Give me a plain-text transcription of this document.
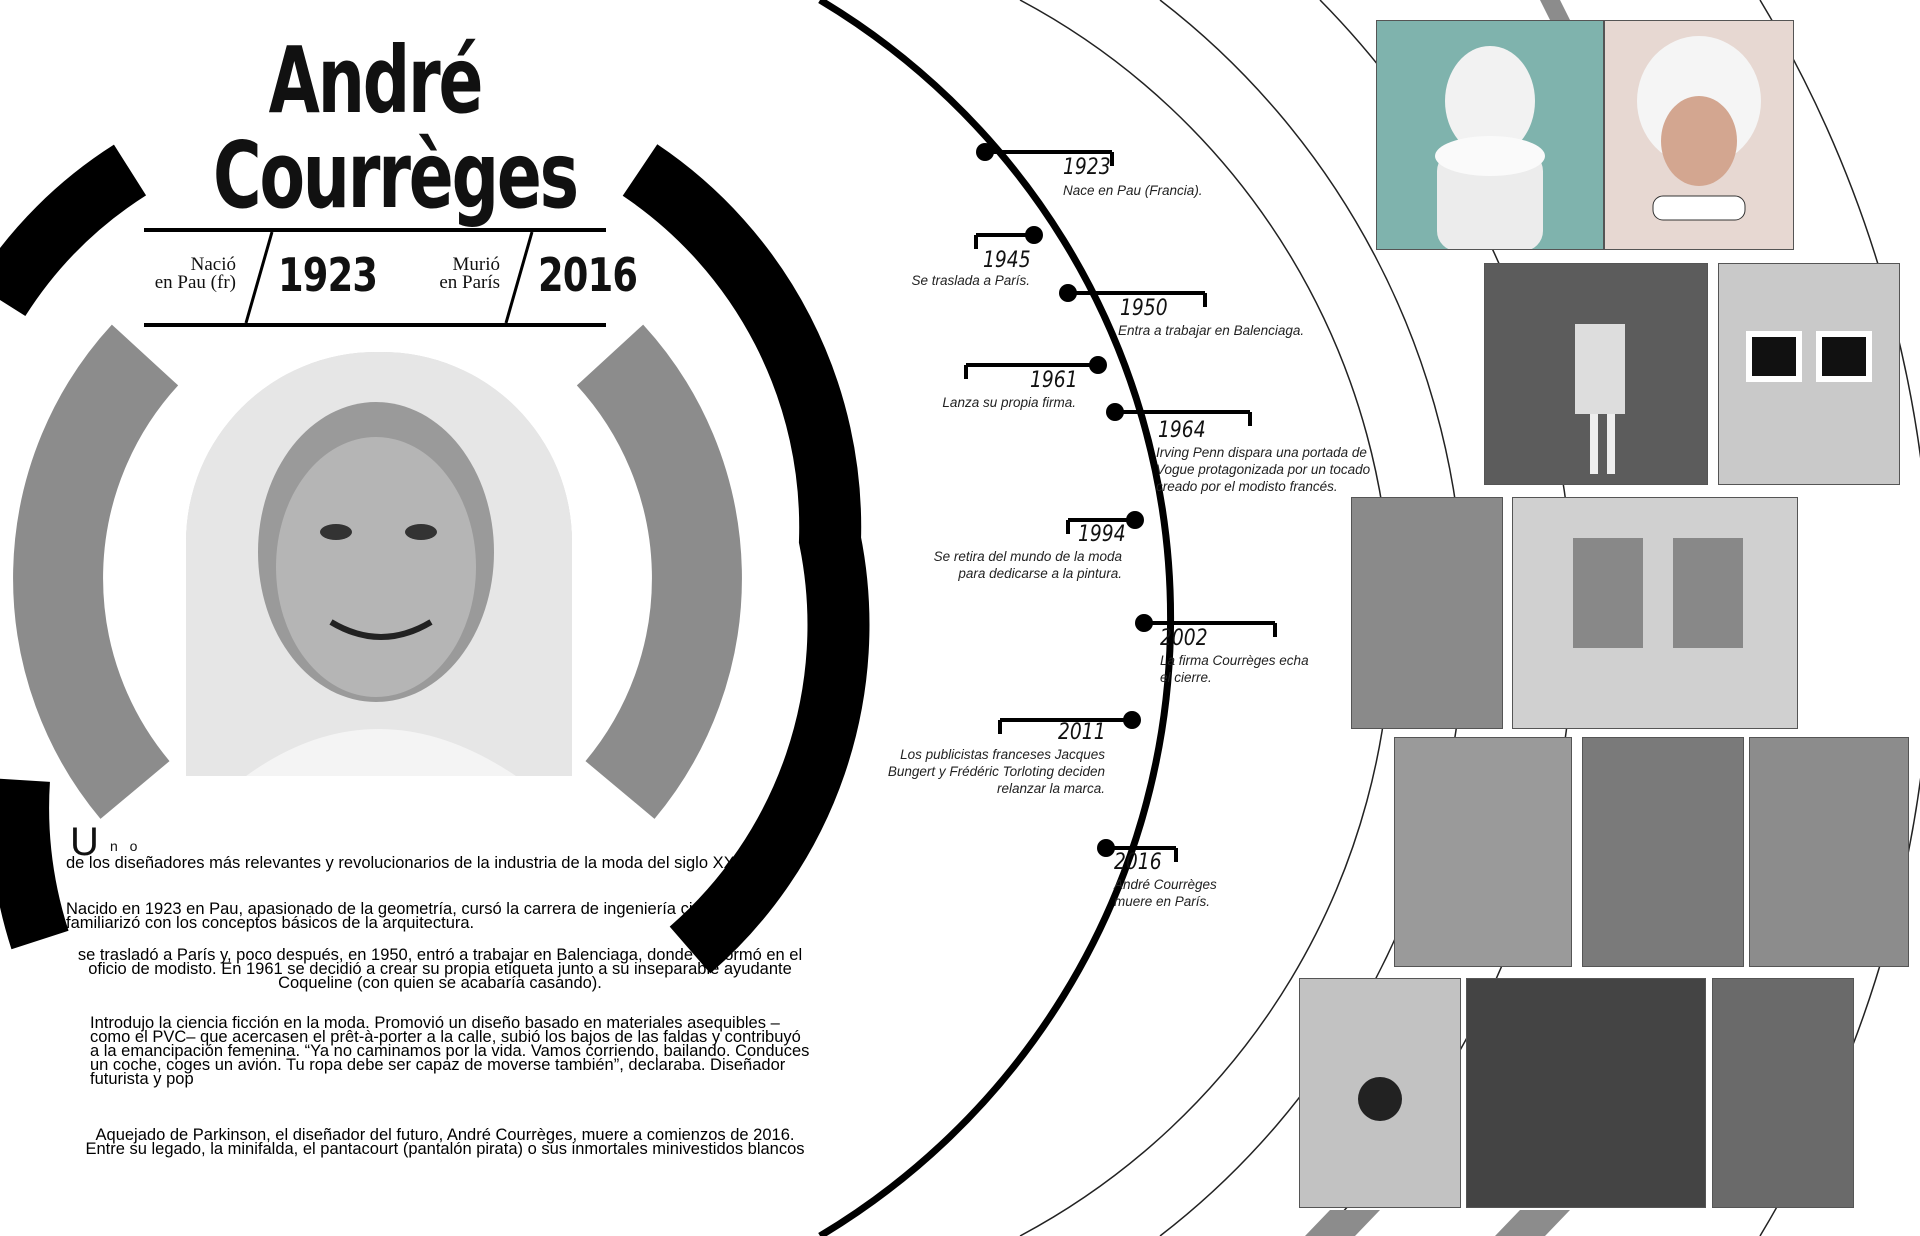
André
Courrèges
Nació
en Pau (fr) 1923	Murió
en París 2016
1923
Nace en Pau (Francia).
1945
Se traslada a París.
1950
Entra a trabajar en Balenciaga.
1961
Lanza su propia firma.
1964
Irving Penn dispara una portada de
Vogue protagonizada por un tocado
creado por el modisto francés.
1994
Se retira del mundo de la moda
para dedicarse a la pintura.
2002
La firma Courrèges echa
el cierre.
2011
Los publicistas franceses Jacques
Bungert y Frédéric Torloting deciden
relanzar la marca.
2016
André Courrèges
muere en París.
U n o
de los diseñadores más relevantes y revolucionarios de la industria de la moda del siglo XX.
Nacido en 1923 en Pau, apasionado de la geometría, cursó la carrera de ingeniería civil. Allí se familiarizó con los conceptos básicos de la arquitectura.
se trasladó a París y, poco después, en 1950, entró a trabajar en Balenciaga, donde se formó en el oficio de modisto. En 1961 se decidió a crear su propia etiqueta junto a su inseparable ayudante Coqueline (con quien se acabaría casando).
Introdujo la ciencia ficción en la moda. Promovió un diseño basado en materiales asequibles –como el PVC– que acercasen el prêt-à-porter a la calle, subió los bajos de las faldas y contribuyó a la emancipación femenina. “Ya no caminamos por la vida. Vamos corriendo, bailando. Conduces un coche, coges un avión. Tu ropa debe ser capaz de moverse también”, declaraba. Diseñador futurista y pop
Aquejado de Parkinson, el diseñador del futuro, André Courrèges, muere a comienzos de 2016. Entre su legado, la minifalda, el pantacourt (pantalón pirata) o sus inmortales minivestidos blancos
